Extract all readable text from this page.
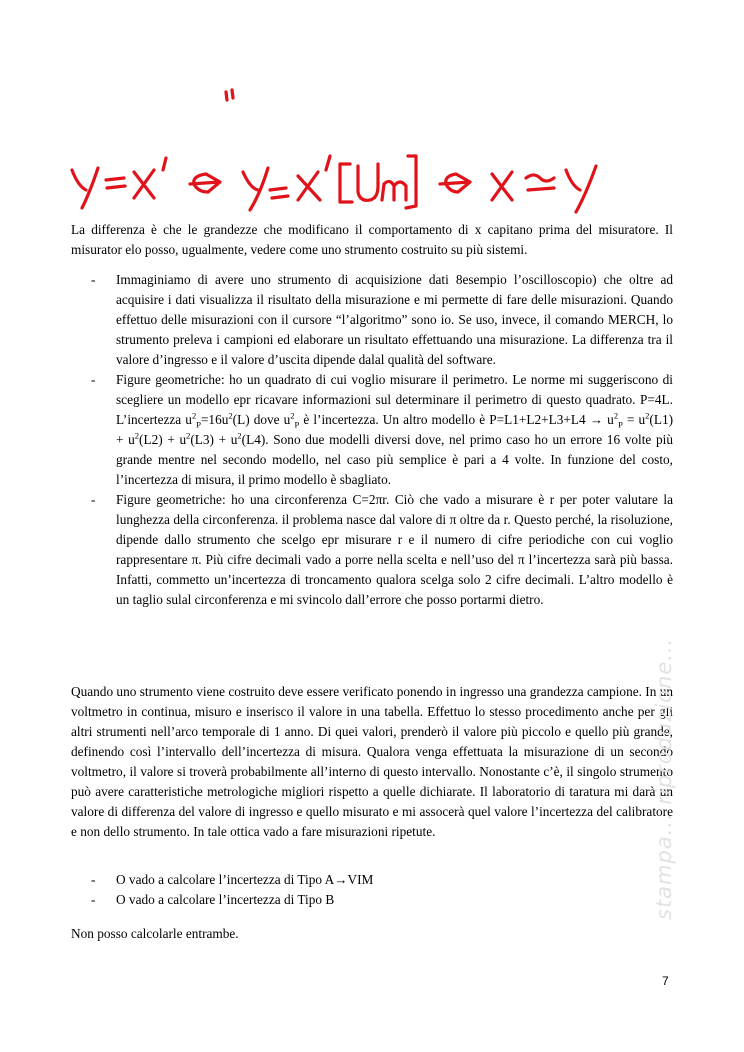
La differenza è che le grandezze che modificano il comportamento di x capitano prima del misuratore. Il misurator elo posso, ugualmente, vedere come uno strumento costruito su più sistemi.

- Immaginiamo di avere uno strumento di acquisizione dati 8esempio l’oscilloscopio) che oltre ad acquisire i dati visualizza il risultato della misurazione e mi permette di fare delle misurazioni. Quando effettuo delle misurazioni con il cursore “l’algoritmo” sono io. Se uso, invece, il comando MERCH, lo strumento preleva i campioni ed elaborare un risultato effettuando una misurazione. La differenza tra il valore d’ingresso e il valore d’uscita dipende dalal qualità del software.
- Figure geometriche: ho un quadrato di cui voglio misurare il perimetro. Le norme mi suggeriscono di scegliere un modello epr ricavare informazioni sul determinare il perimetro di questo quadrato. P=4L. L’incertezza $u^2_P=16u^2(L)$ dove $u^2_P$ è l’incertezza. Un altro modello è $P=L1+L2+L3+L4 \to u^2_P = u^2(L1) + u^2(L2) + u^2(L3) + u^2(L4)$. Sono due modelli diversi dove, nel primo caso ho un errore 16 volte più grande mentre nel secondo modello, nel caso più semplice è pari a 4 volte. In funzione del costo, l’incertezza di misura, il primo modello è sbagliato.
- Figure geometriche: ho una circonferenza C=2πr. Ciò che vado a misurare è r per poter valutare la lunghezza della circonferenza. il problema nasce dal valore di π oltre da r. Questo perché, la risoluzione, dipende dallo strumento che scelgo epr misurare r e il numero di cifre periodiche con cui voglio rappresentare π. Più cifre decimali vado a porre nella scelta e nell’uso del π l’incertezza sarà più bassa. Infatti, commetto un’incertezza di troncamento qualora scelga solo 2 cifre decimali. L’altro modello è un taglio sulal circonferenza e mi svincolo dall’errore che posso portarmi dietro.

Quando uno strumento viene costruito deve essere verificato ponendo in ingresso una grandezza campione. In un voltmetro in continua, misuro e inserisco il valore in una tabella. Effettuo lo stesso procedimento anche per gli altri strumenti nell’arco temporale di 1 anno. Di quei valori, prenderò il valore più piccolo e quello più grande, definendo così l’intervallo dell’incertezza di misura. Qualora venga effettuata la misurazione di un secondo voltmetro, il valore si troverà probabilmente all’interno di questo intervallo. Nonostante c’è, il singolo strumento può avere caratteristiche metrologiche migliori rispetto a quelle dichiarate. Il laboratorio di taratura mi darà un valore di differenza del valore di ingresso e quello misurato e mi assocerà quel valore l’incertezza del calibratore e non dello strumento. In tale ottica vado a fare misurazioni ripetute.

- O vado a calcolare l’incertezza di Tipo A→VIM
- O vado a calcolare l’incertezza di Tipo B

Non posso calcolarle entrambe.

7
stampa... riproduzione...
